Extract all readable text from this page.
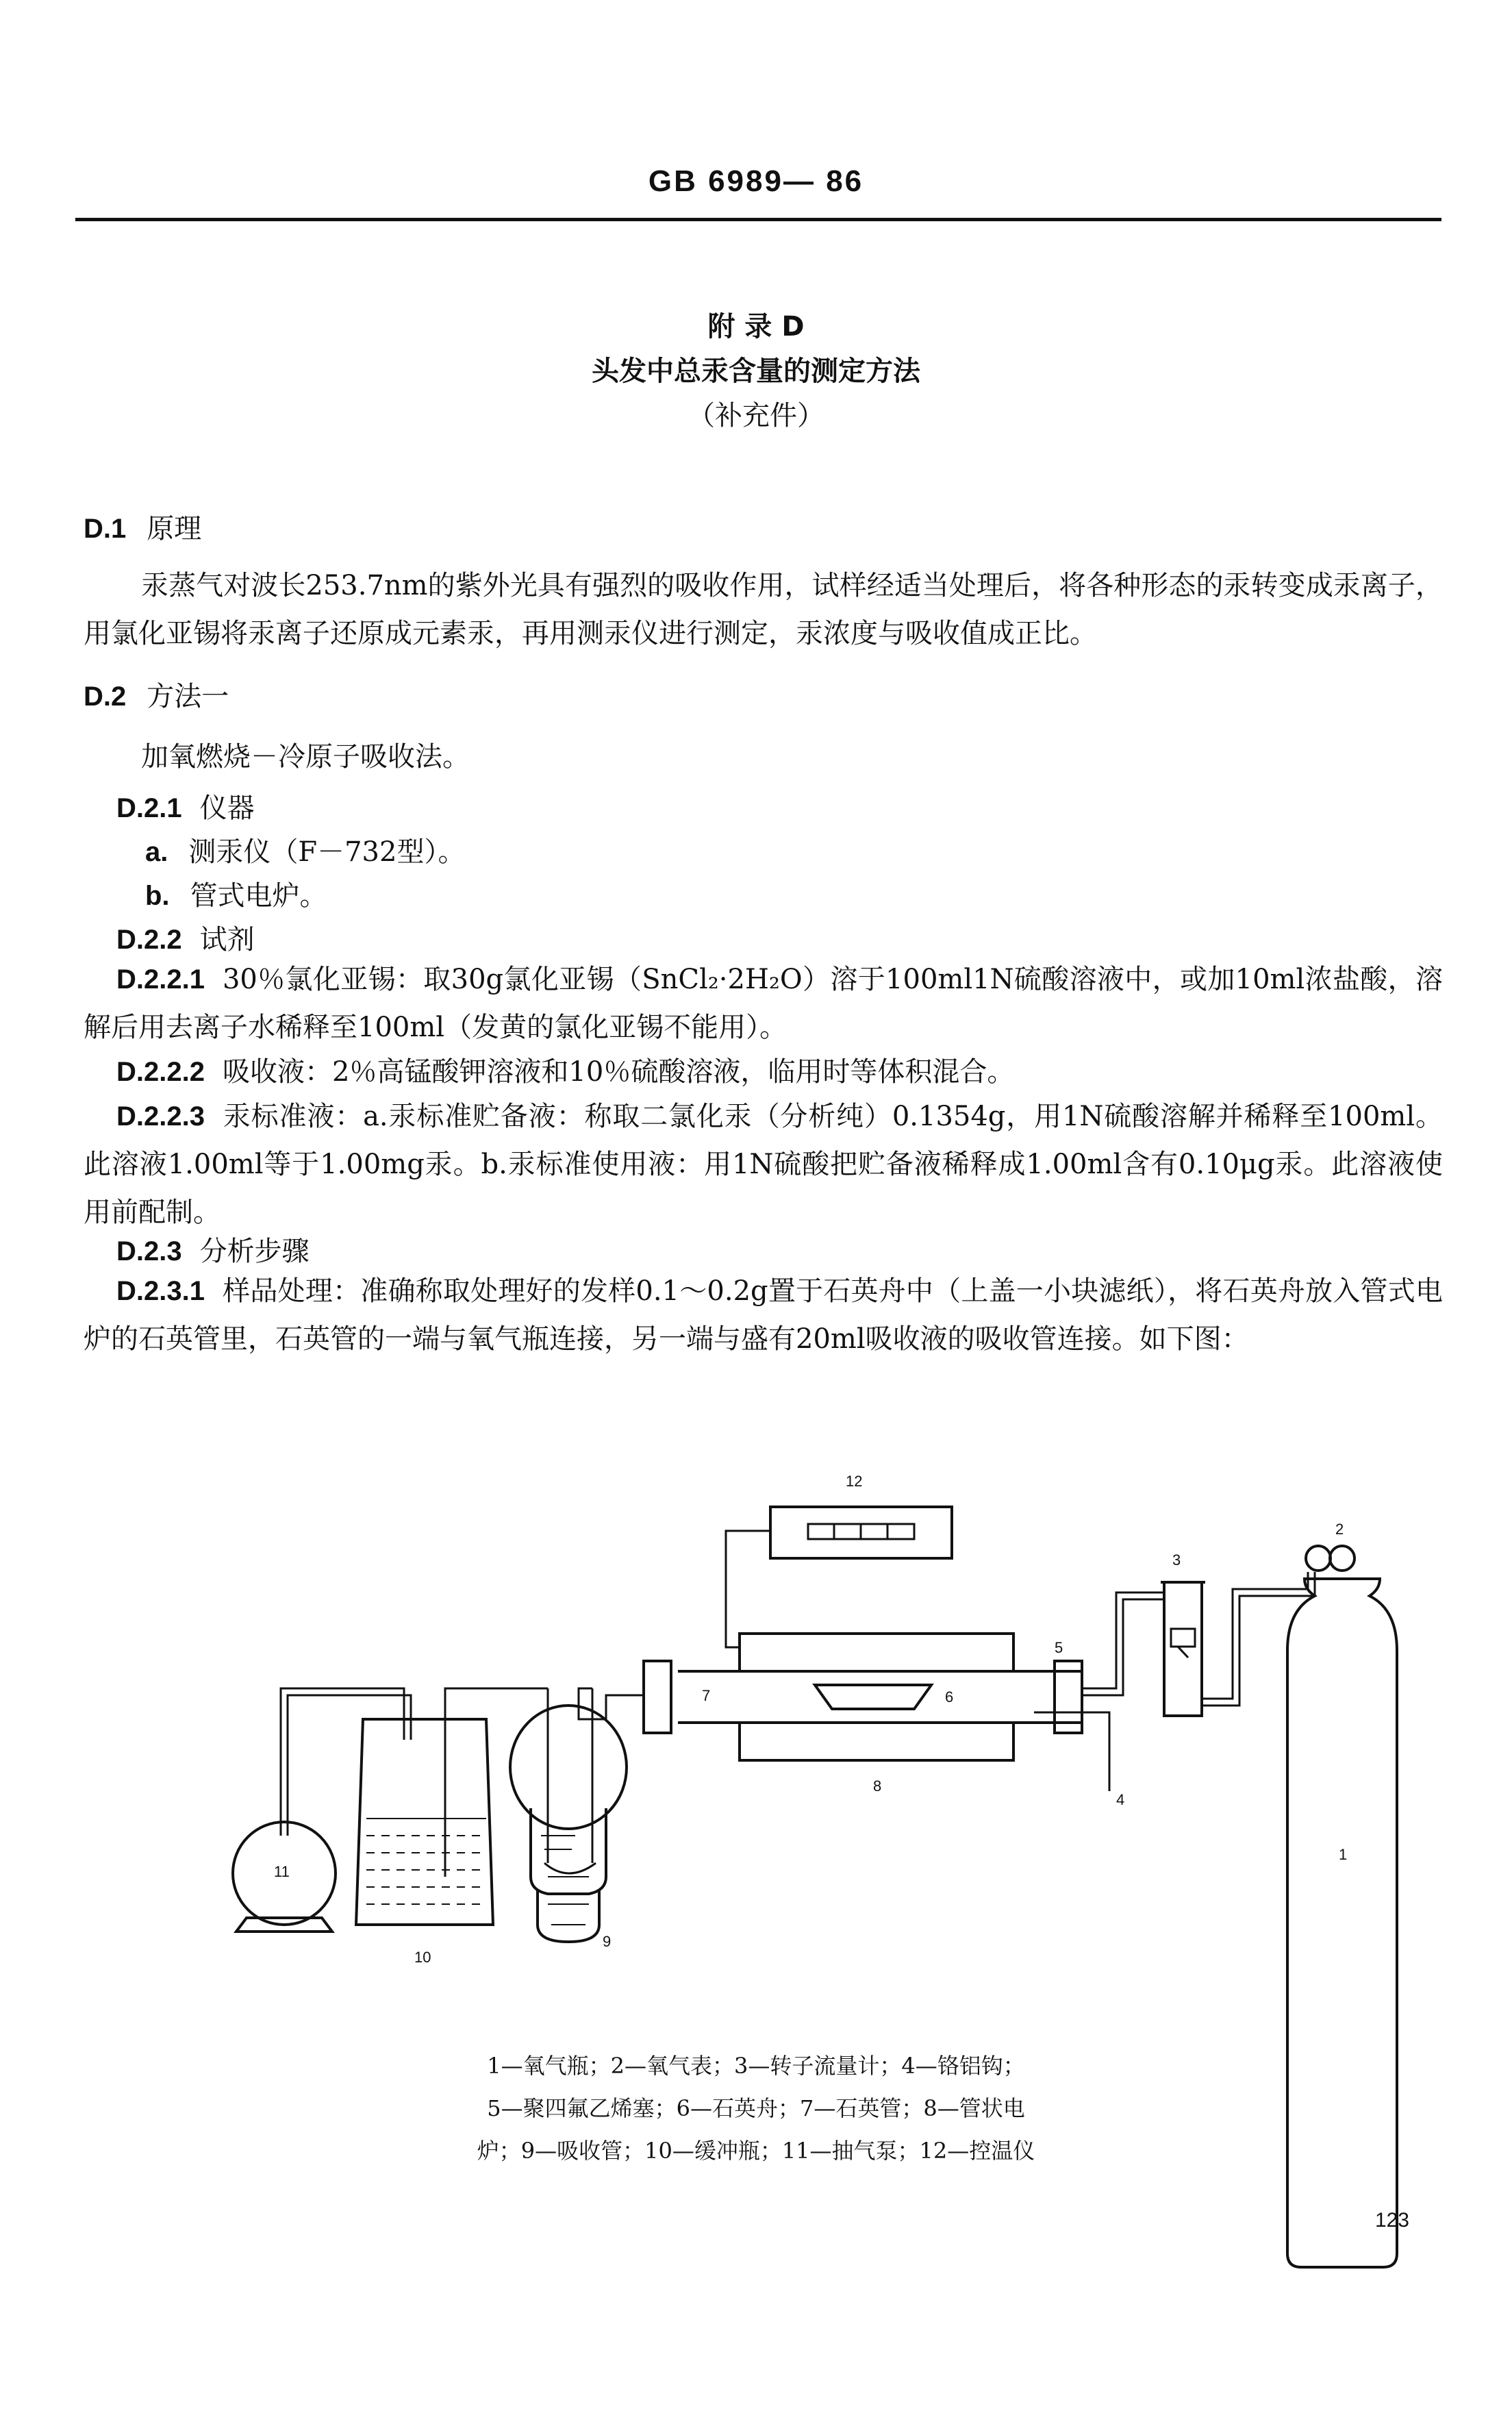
GB 6989— 86
附 录 D
头发中总汞含量的测定方法
（补充件）
D.1 原理
汞蒸气对波长253.7nm的紫外光具有强烈的吸收作用，试样经适当处理后，将各种形态的汞转变成汞离子，用氯化亚锡将汞离子还原成元素汞，再用测汞仪进行测定，汞浓度与吸收值成正比。
D.2 方法一
加氧燃烧－冷原子吸收法。
D.2.1 仪器
a. 测汞仪（F－732型）。
b. 管式电炉。
D.2.2 试剂
D.2.2.1 30％氯化亚锡：取30g氯化亚锡（SnCl₂·2H₂O）溶于100ml1N硫酸溶液中，或加10ml浓盐酸，溶解后用去离子水稀释至100ml（发黄的氯化亚锡不能用）。
D.2.2.2 吸收液：2％高锰酸钾溶液和10％硫酸溶液，临用时等体积混合。
D.2.2.3 汞标准液：a.汞标准贮备液：称取二氯化汞（分析纯）0.1354g，用1N硫酸溶解并稀释至100ml。此溶液1.00ml等于1.00mg汞。b.汞标准使用液：用1N硫酸把贮备液稀释成1.00ml含有0.10μg汞。此溶液使用前配制。
D.2.3 分析步骤
D.2.3.1 样品处理：准确称取处理好的发样0.1～0.2g置于石英舟中（上盖一小块滤纸），将石英舟放入管式电炉的石英管里，石英管的一端与氧气瓶连接，另一端与盛有20ml吸收液的吸收管连接。如下图：
12
8
7	6
5
4
3
2
1
9
10
11
1—氧气瓶；2—氧气表；3—转子流量计；4—铬铝钩；
5—聚四氟乙烯塞；6—石英舟；7—石英管；8—管状电
炉；9—吸收管；10—缓冲瓶；11—抽气泵；12—控温仪
123
